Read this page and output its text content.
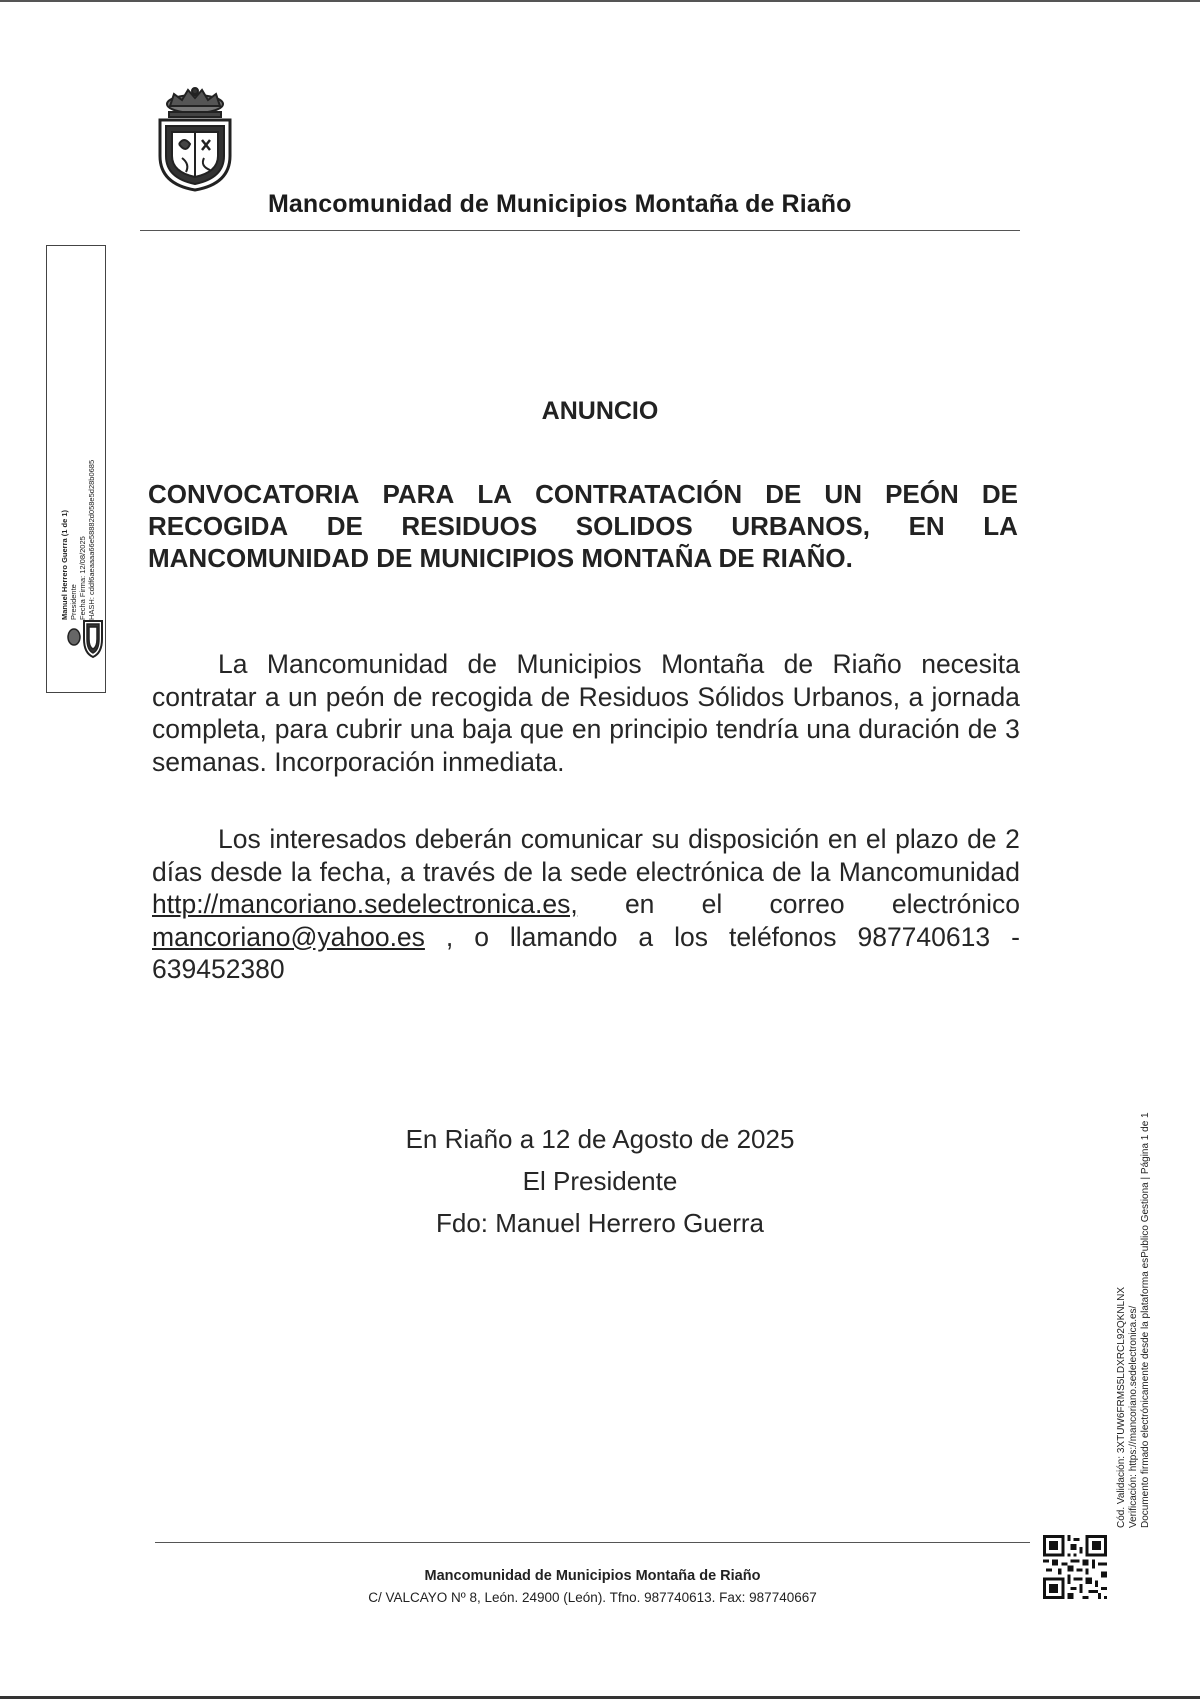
Mancomunidad de Municipios Montaña de Riaño
Manuel Herrero Guerra (1 de 1) Presidente Fecha Firma: 12/08/2025 HASH: cddf6aeaaaa66e58882d058e5d28b0685
ANUNCIO
CONVOCATORIA PARA LA CONTRATACIÓN DE UN PEÓN DE
RECOGIDA DE RESIDUOS SOLIDOS URBANOS, EN LA
MANCOMUNIDAD DE MUNICIPIOS MONTAÑA DE RIAÑO.
La Mancomunidad de Municipios Montaña de Riaño necesita
contratar a un peón de recogida de Residuos Sólidos Urbanos, a jornada
completa, para cubrir una baja que en principio tendría una duración de 3
semanas. Incorporación inmediata.
Los interesados deberán comunicar su disposición en el plazo de 2
días desde la fecha, a través de la sede electrónica de la Mancomunidad
http://mancoriano.sedelectronica.es, en el correo electrónico
mancoriano@yahoo.es , o llamando a los teléfonos 987740613 -
639452380
En Riaño a 12 de Agosto de 2025
El Presidente
Fdo: Manuel Herrero Guerra
Cód. Validación: 3XTUW6FRMS5LDXRCL92QKNLNX Verificación: https://mancoriano.sedelectronica.es/ Documento firmado electrónicamente desde la plataforma esPublico Gestiona | Página 1 de 1
Mancomunidad de Municipios Montaña de Riaño
C/ VALCAYO Nº 8, León. 24900 (León). Tfno. 987740613. Fax: 987740667
